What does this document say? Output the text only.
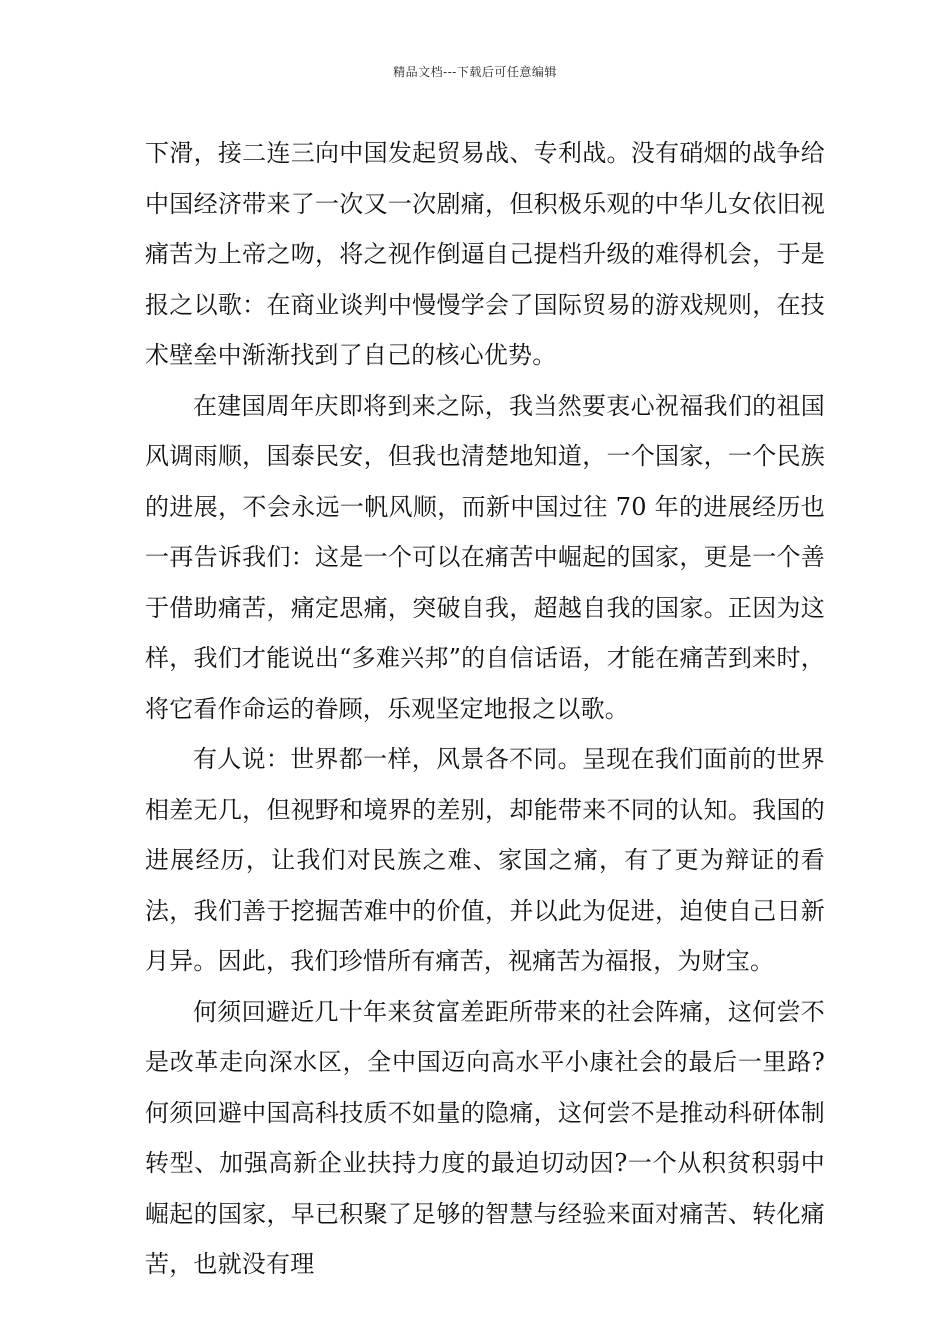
精品文档---下载后可任意编辑

下滑，接二连三向中国发起贸易战、专利战。没有硝烟的战争给中国经济带来了一次又一次剧痛，但积极乐观的中华儿女依旧视痛苦为上帝之吻，将之视作倒逼自己提档升级的难得机会，于是报之以歌：在商业谈判中慢慢学会了国际贸易的游戏规则，在技术壁垒中渐渐找到了自己的核心优势。

在建国周年庆即将到来之际，我当然要衷心祝福我们的祖国风调雨顺，国泰民安，但我也清楚地知道，一个国家，一个民族的进展，不会永远一帆风顺，而新中国过往 70 年的进展经历也一再告诉我们：这是一个可以在痛苦中崛起的国家，更是一个善于借助痛苦，痛定思痛，突破自我，超越自我的国家。正因为这样，我们才能说出“多难兴邦”的自信话语，才能在痛苦到来时，将它看作命运的眷顾，乐观坚定地报之以歌。

有人说：世界都一样，风景各不同。呈现在我们面前的世界相差无几，但视野和境界的差别，却能带来不同的认知。我国的进展经历，让我们对民族之难、家国之痛，有了更为辩证的看法，我们善于挖掘苦难中的价值，并以此为促进，迫使自己日新月异。因此，我们珍惜所有痛苦，视痛苦为福报，为财宝。

何须回避近几十年来贫富差距所带来的社会阵痛，这何尝不是改革走向深水区，全中国迈向高水平小康社会的最后一里路?何须回避中国高科技质不如量的隐痛，这何尝不是推动科研体制转型、加强高新企业扶持力度的最迫切动因?一个从积贫积弱中崛起的国家，早已积聚了足够的智慧与经验来面对痛苦、转化痛苦，也就没有理
